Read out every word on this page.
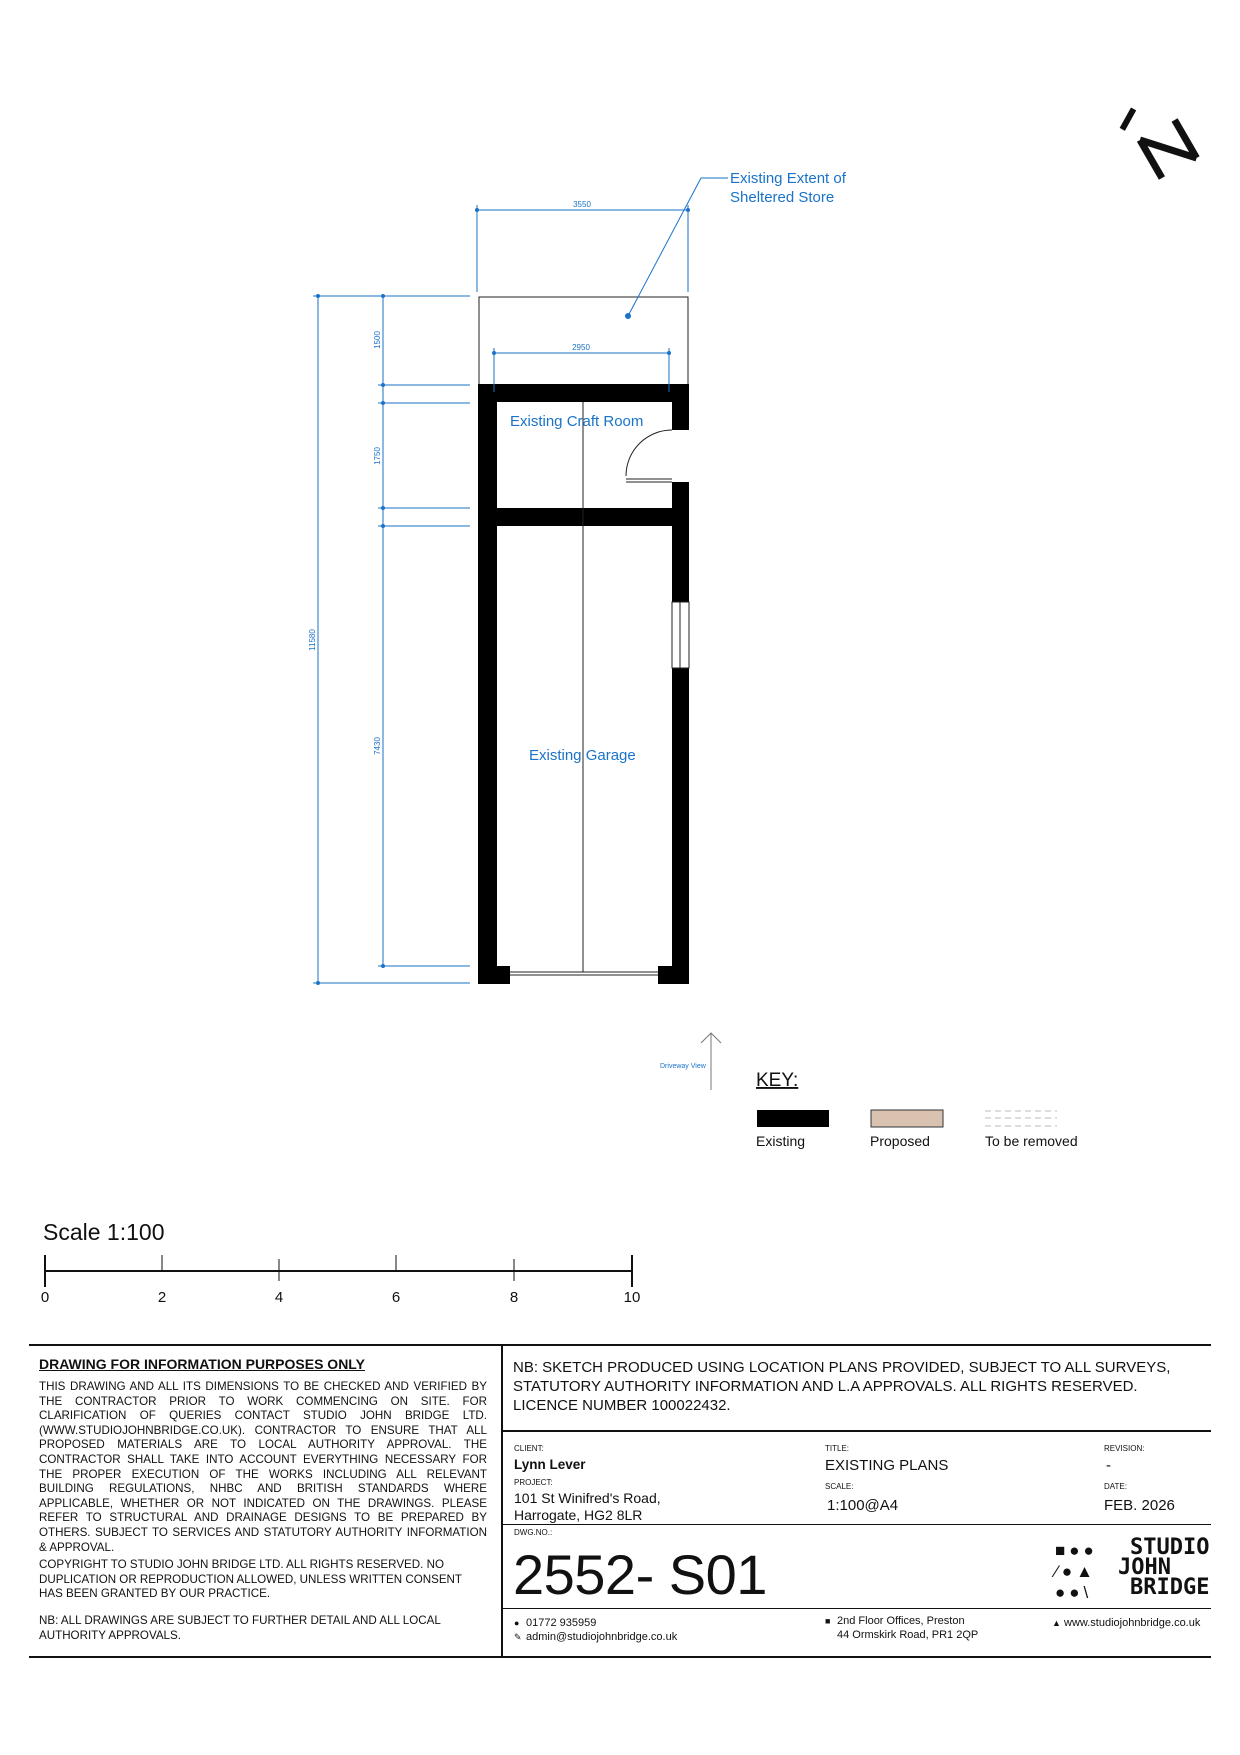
3550
2950
11580
1500
1750
7430
Existing Extent of
Sheltered Store
Existing Craft Room
Existing Garage
Driveway View
KEY:
Existing	Proposed	To be removed
Scale 1:100
0	2	4	6	8	10
DRAWING FOR INFORMATION PURPOSES ONLY
THIS DRAWING AND ALL ITS DIMENSIONS TO BE CHECKED AND VERIFIED BY THE CONTRACTOR PRIOR TO WORK COMMENCING ON SITE. FOR CLARIFICATION OF QUERIES CONTACT STUDIO JOHN BRIDGE LTD. (WWW.STUDIOJOHNBRIDGE.CO.UK). CONTRACTOR TO ENSURE THAT ALL PROPOSED MATERIALS ARE TO LOCAL AUTHORITY APPROVAL. THE CONTRACTOR SHALL TAKE INTO ACCOUNT EVERYTHING NECESSARY FOR THE PROPER EXECUTION OF THE WORKS INCLUDING ALL RELEVANT BUILDING REGULATIONS, NHBC AND BRITISH STANDARDS WHERE APPLICABLE, WHETHER OR NOT INDICATED ON THE DRAWINGS. PLEASE REFER TO STRUCTURAL AND DRAINAGE DESIGNS TO BE PREPARED BY OTHERS. SUBJECT TO SERVICES AND STATUTORY AUTHORITY INFORMATION & APPROVAL.
COPYRIGHT TO STUDIO JOHN BRIDGE LTD. ALL RIGHTS RESERVED. NO DUPLICATION OR REPRODUCTION ALLOWED, UNLESS WRITTEN CONSENT HAS BEEN GRANTED BY OUR PRACTICE.
NB: ALL DRAWINGS ARE SUBJECT TO FURTHER DETAIL AND ALL LOCAL AUTHORITY APPROVALS.
NB: SKETCH PRODUCED USING LOCATION PLANS PROVIDED, SUBJECT TO ALL SURVEYS, STATUTORY AUTHORITY INFORMATION AND L.A APPROVALS. ALL RIGHTS RESERVED. LICENCE NUMBER 100022432.
CLIENT:
Lynn Lever
PROJECT:
101 St Winifred's Road,
Harrogate, HG2 8LR
TITLE:
EXISTING PLANS
SCALE:
1:100@A4
REVISION:
-
DATE:
FEB. 2026
DWG.NO.:
2552- S01	■●●
⁄●▲
●●\
STUDIO
JOHN
BRIDGE
● 01772 935959
✎ admin@studiojohnbridge.co.uk
■ 2nd Floor Offices, Preston
44 Ormskirk Road, PR1 2QP
▲ www.studiojohnbridge.co.uk
